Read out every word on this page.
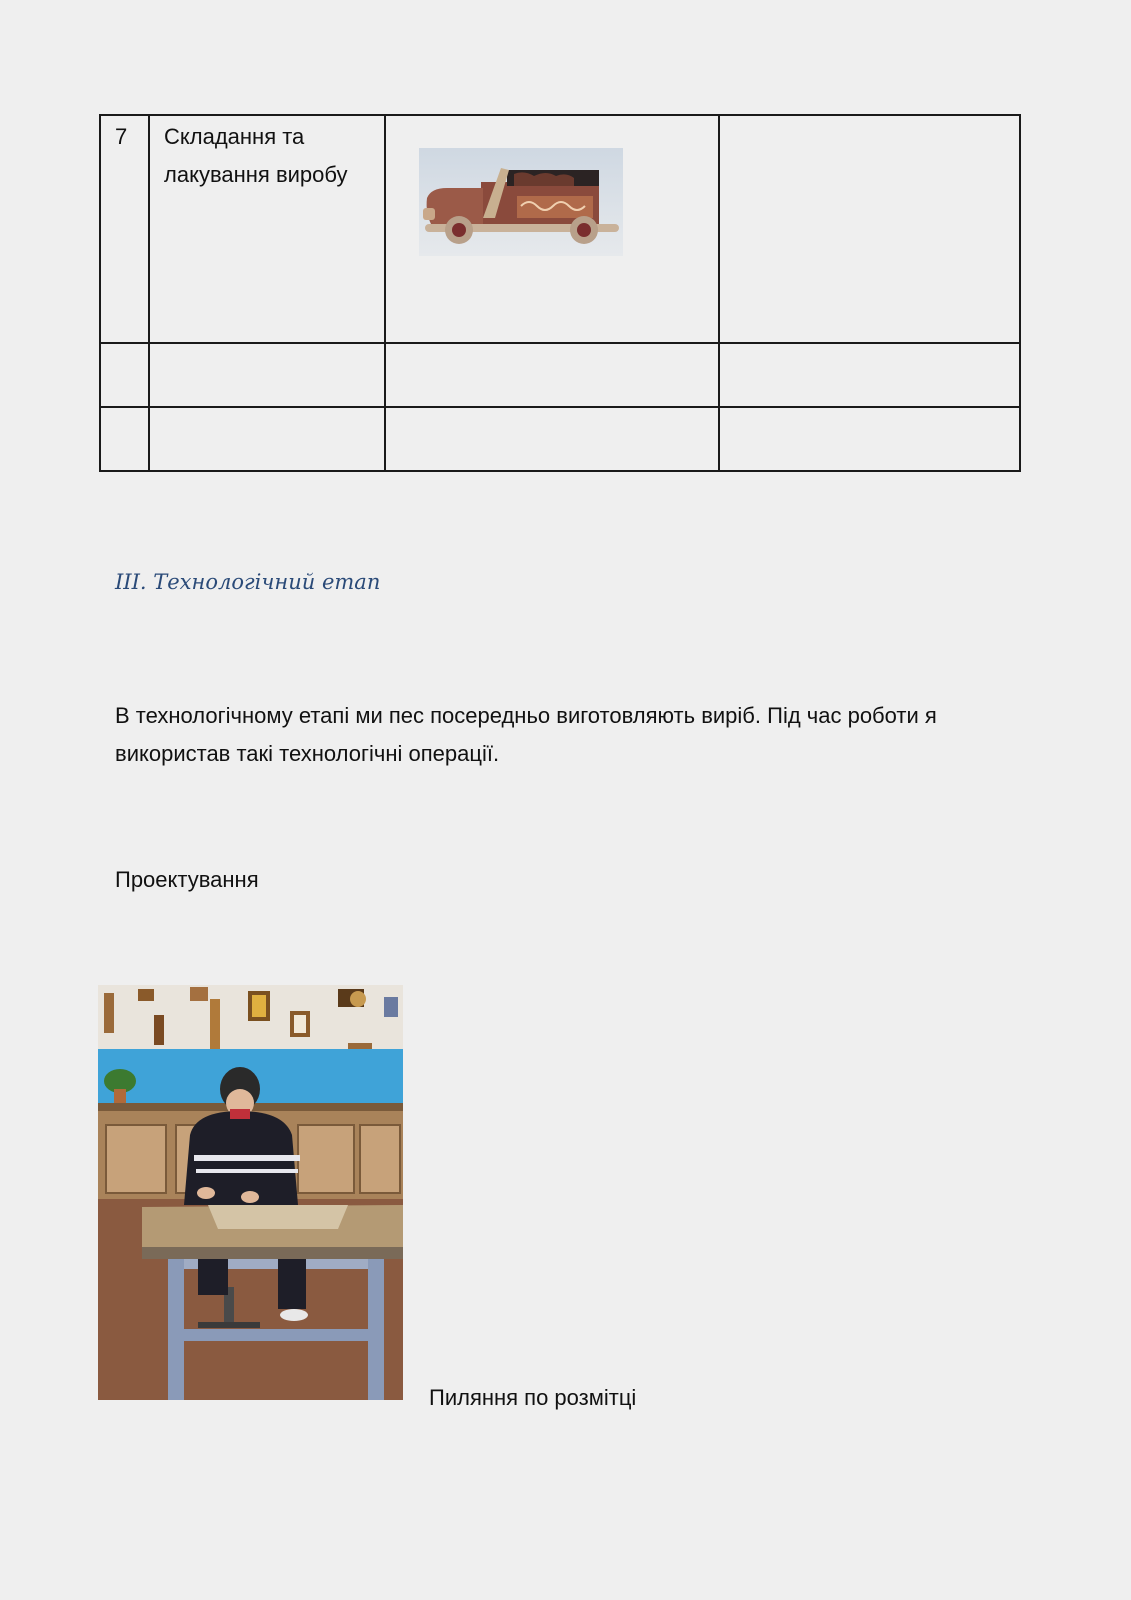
7	Складання та лакування виробу	

ІІІ. Технологічний етап

В технологічному етапі ми пес посередньо виготовляють виріб. Під час роботи я використав такі технологічні операції.

Проектування

Пиляння по розмітці
